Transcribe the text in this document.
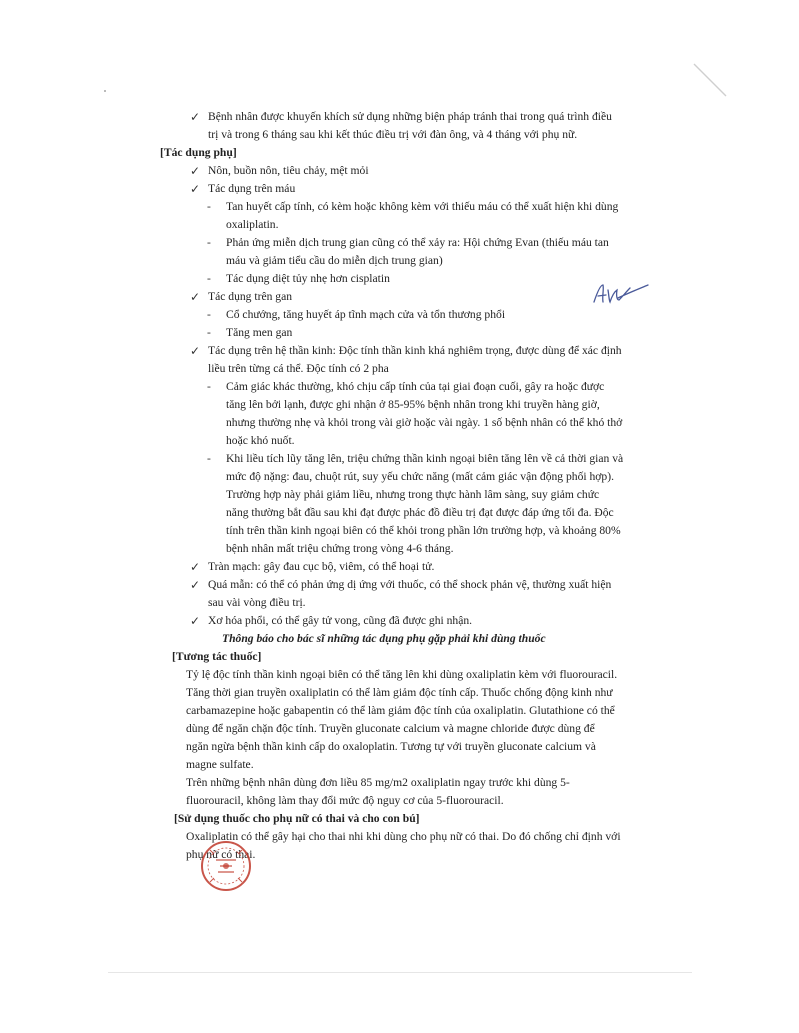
✓ Bệnh nhân được khuyến khích sử dụng những biện pháp tránh thai trong quá trình điều
trị và trong 6 tháng sau khi kết thúc điều trị với đàn ông, và 4 tháng với phụ nữ.
[Tác dụng phụ]
✓ Nôn, buồn nôn, tiêu chảy, mệt mỏi
✓ Tác dụng trên máu
- Tan huyết cấp tính, có kèm hoặc không kèm với thiếu máu có thể xuất hiện khi dùng
oxaliplatin.
- Phản ứng miễn dịch trung gian cũng có thể xảy ra: Hội chứng Evan (thiếu máu tan
máu và giảm tiểu cầu do miễn dịch trung gian)
- Tác dụng diệt tủy nhẹ hơn cisplatin
✓ Tác dụng trên gan
- Cổ chướng, tăng huyết áp tĩnh mạch cửa và tổn thương phổi
- Tăng men gan
✓ Tác dụng trên hệ thần kinh: Độc tính thần kinh khá nghiêm trọng, được dùng để xác định
liều trên từng cá thể. Độc tính có 2 pha
- Cảm giác khác thường, khó chịu cấp tính của tại giai đoạn cuối, gây ra hoặc được
tăng lên bởi lạnh, được ghi nhận ở 85-95% bệnh nhân trong khi truyền hàng giờ,
nhưng thường nhẹ và khỏi trong vài giờ hoặc vài ngày. 1 số bệnh nhân có thể khó thở
hoặc khó nuốt.
- Khi liều tích lũy tăng lên, triệu chứng thần kinh ngoại biên tăng lên về cả thời gian và
mức độ nặng: đau, chuột rút, suy yếu chức năng (mất cảm giác vận động phối hợp).
Trường hợp này phải giảm liều, nhưng trong thực hành lâm sàng, suy giảm chức
năng thường bắt đầu sau khi đạt được phác đồ điều trị đạt được đáp ứng tối đa. Độc
tính trên thần kinh ngoại biên có thể khỏi trong phần lớn trường hợp, và khoảng 80%
bệnh nhân mất triệu chứng trong vòng 4-6 tháng.
✓ Tràn mạch: gây đau cục bộ, viêm, có thể hoại tử.
✓ Quá mẫn: có thể có phản ứng dị ứng với thuốc, có thể shock phản vệ, thường xuất hiện
sau vài vòng điều trị.
✓ Xơ hóa phổi, có thể gây tử vong, cũng đã được ghi nhận.
Thông báo cho bác sĩ những tác dụng phụ gặp phải khi dùng thuốc
[Tương tác thuốc]
Tỷ lệ độc tính thần kinh ngoại biên có thể tăng lên khi dùng oxaliplatin kèm với fluorouracil.
Tăng thời gian truyền oxaliplatin có thể làm giảm độc tính cấp. Thuốc chống động kinh như
carbamazepine hoặc gabapentin có thể làm giảm độc tính của oxaliplatin. Glutathione có thể
dùng để ngăn chặn độc tính. Truyền gluconate calcium và magne chloride được dùng để
ngăn ngừa bệnh thần kinh cấp do oxaloplatin. Tương tự với truyền gluconate calcium và
magne sulfate.
Trên những bệnh nhân dùng đơn liều 85 mg/m2 oxaliplatin ngay trước khi dùng 5-
fluorouracil, không làm thay đổi mức độ nguy cơ của 5-fluorouracil.
[Sử dụng thuốc cho phụ nữ có thai và cho con bú]
Oxaliplatin có thể gây hại cho thai nhi khi dùng cho phụ nữ có thai. Do đó chống chỉ định với
phụ nữ có thai.
